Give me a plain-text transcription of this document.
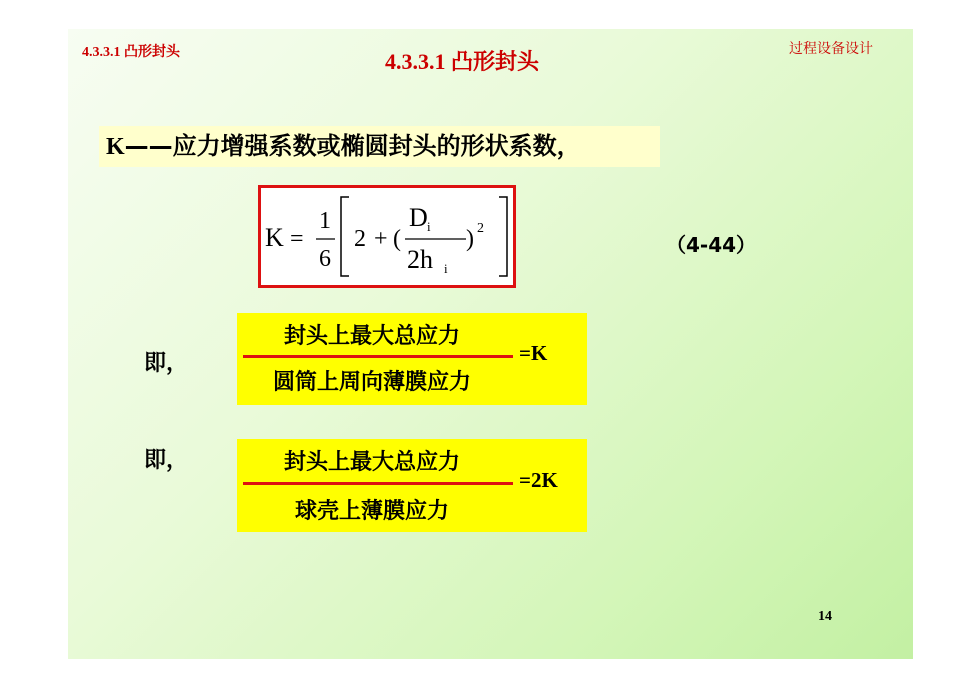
4.3.3.1 凸形封头	4.3.3.1 凸形封头	过程设备设计
K——应力增强系数或椭圆封头的形状系数，
K =
1
6
2 + (
D i
2h i
) 2
（4-44）
即，
封头上最大总应力
圆筒上周向薄膜应力
=K
即，	封头上最大总应力
球壳上薄膜应力
=2K
14
